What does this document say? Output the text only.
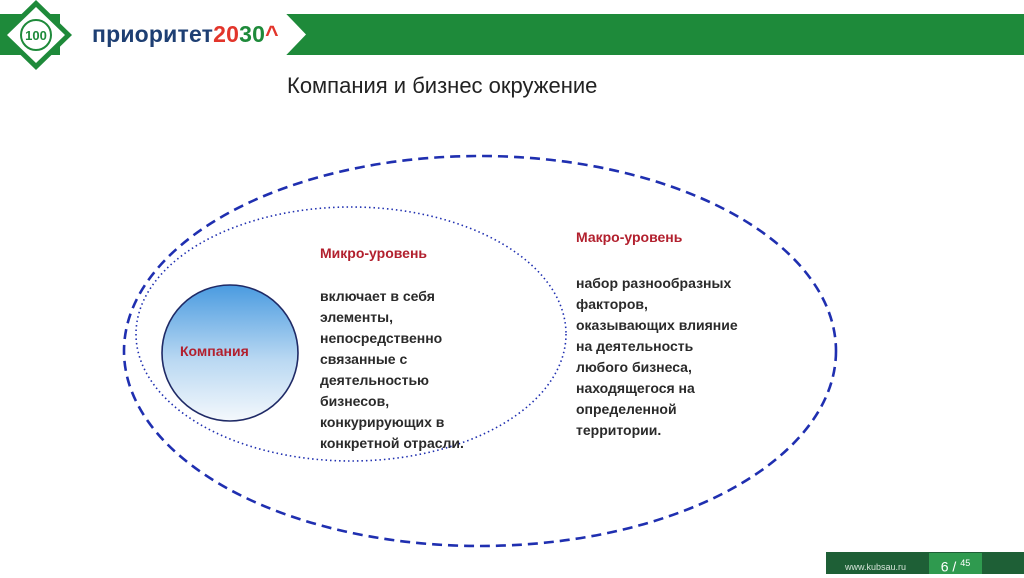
100 приоритет2030^
Компания и бизнес окружение
Компания
Микро-уровень
включает в себя
элементы,
непосредственно
связанные с
деятельностью
бизнесов,
конкурирующих в
конкретной отрасли.
Макро-уровень
набор разнообразных
факторов,
оказывающих влияние
на деятельность
любого бизнеса,
находящегося на
определенной
территории.
www.kubsau.ru	6 / $^{45}$
